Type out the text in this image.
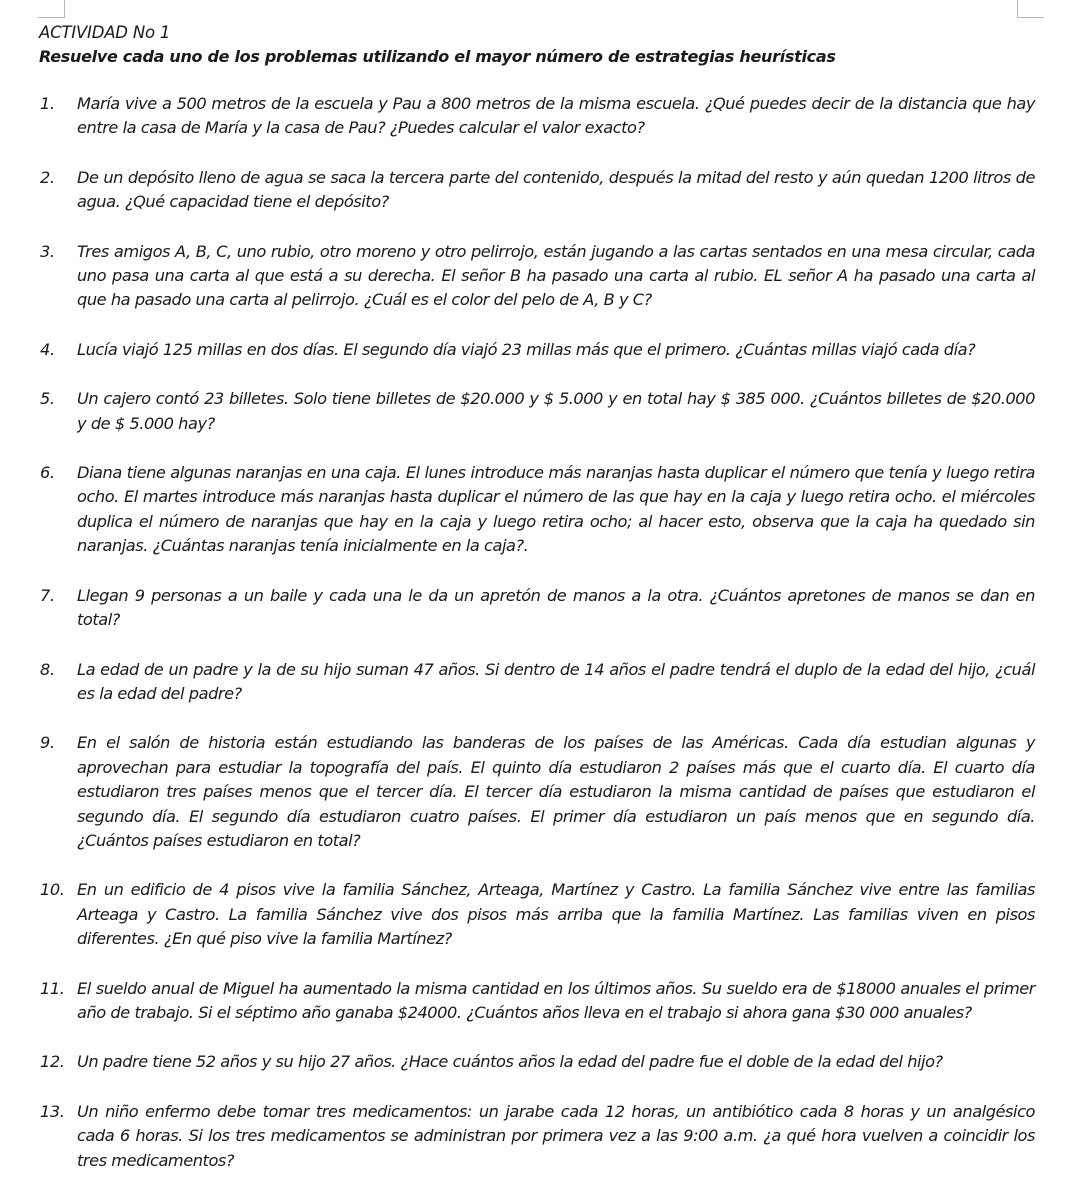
ACTIVIDAD No 1
Resuelve cada uno de los problemas utilizando el mayor número de estrategias heurísticas
1.	María vive a 500 metros de la escuela y Pau a 800 metros de la misma escuela. ¿Qué puedes decir de la distancia que hay entre la casa de María y la casa de Pau? ¿Puedes calcular el valor exacto?
2.	De un depósito lleno de agua se saca la tercera parte del contenido, después la mitad del resto y aún quedan 1200 litros de agua. ¿Qué capacidad tiene el depósito?
3.	Tres amigos A, B, C, uno rubio, otro moreno y otro pelirrojo, están jugando a las cartas sentados en una mesa circular, cada uno pasa una carta al que está a su derecha. El señor B ha pasado una carta al rubio. EL señor A ha pasado una carta al que ha pasado una carta al pelirrojo. ¿Cuál es el color del pelo de A, B y C?
4.	Lucía viajó 125 millas en dos días. El segundo día viajó 23 millas más que el primero. ¿Cuántas millas viajó cada día?
5.	Un cajero contó 23 billetes. Solo tiene billetes de $20.000 y $ 5.000 y en total hay $ 385 000. ¿Cuántos billetes de $20.000 y de $ 5.000 hay?
6.	Diana tiene algunas naranjas en una caja. El lunes introduce más naranjas hasta duplicar el número que tenía y luego retira ocho. El martes introduce más naranjas hasta duplicar el número de las que hay en la caja y luego retira ocho. el miércoles duplica el número de naranjas que hay en la caja y luego retira ocho; al hacer esto, observa que la caja ha quedado sin naranjas. ¿Cuántas naranjas tenía inicialmente en la caja?.
7.	Llegan 9 personas a un baile y cada una le da un apretón de manos a la otra. ¿Cuántos apretones de manos se dan en total?
8.	La edad de un padre y la de su hijo suman 47 años. Si dentro de 14 años el padre tendrá el duplo de la edad del hijo, ¿cuál es la edad del padre?
9.	En el salón de historia están estudiando las banderas de los países de las Américas. Cada día estudian algunas y aprovechan para estudiar la topografía del país. El quinto día estudiaron 2 países más que el cuarto día. El cuarto día estudiaron tres países menos que el tercer día. El tercer día estudiaron la misma cantidad de países que estudiaron el segundo día. El segundo día estudiaron cuatro países. El primer día estudiaron un país menos que en segundo día. ¿Cuántos países estudiaron en total?
10. En un edificio de 4 pisos vive la familia Sánchez, Arteaga, Martínez y Castro. La familia Sánchez vive entre las familias Arteaga y Castro. La familia Sánchez vive dos pisos más arriba que la familia Martínez. Las familias viven en pisos diferentes. ¿En qué piso vive la familia Martínez?
11. El sueldo anual de Miguel ha aumentado la misma cantidad en los últimos años. Su sueldo era de $18000 anuales el primer año de trabajo. Si el séptimo año ganaba $24000. ¿Cuántos años lleva en el trabajo si ahora gana $30 000 anuales?
12. Un padre tiene 52 años y su hijo 27 años. ¿Hace cuántos años la edad del padre fue el doble de la edad del hijo?
13. Un niño enfermo debe tomar tres medicamentos: un jarabe cada 12 horas, un antibiótico cada 8 horas y un analgésico cada 6 horas. Si los tres medicamentos se administran por primera vez a las 9:00 a.m. ¿a qué hora vuelven a coincidir los tres medicamentos?
